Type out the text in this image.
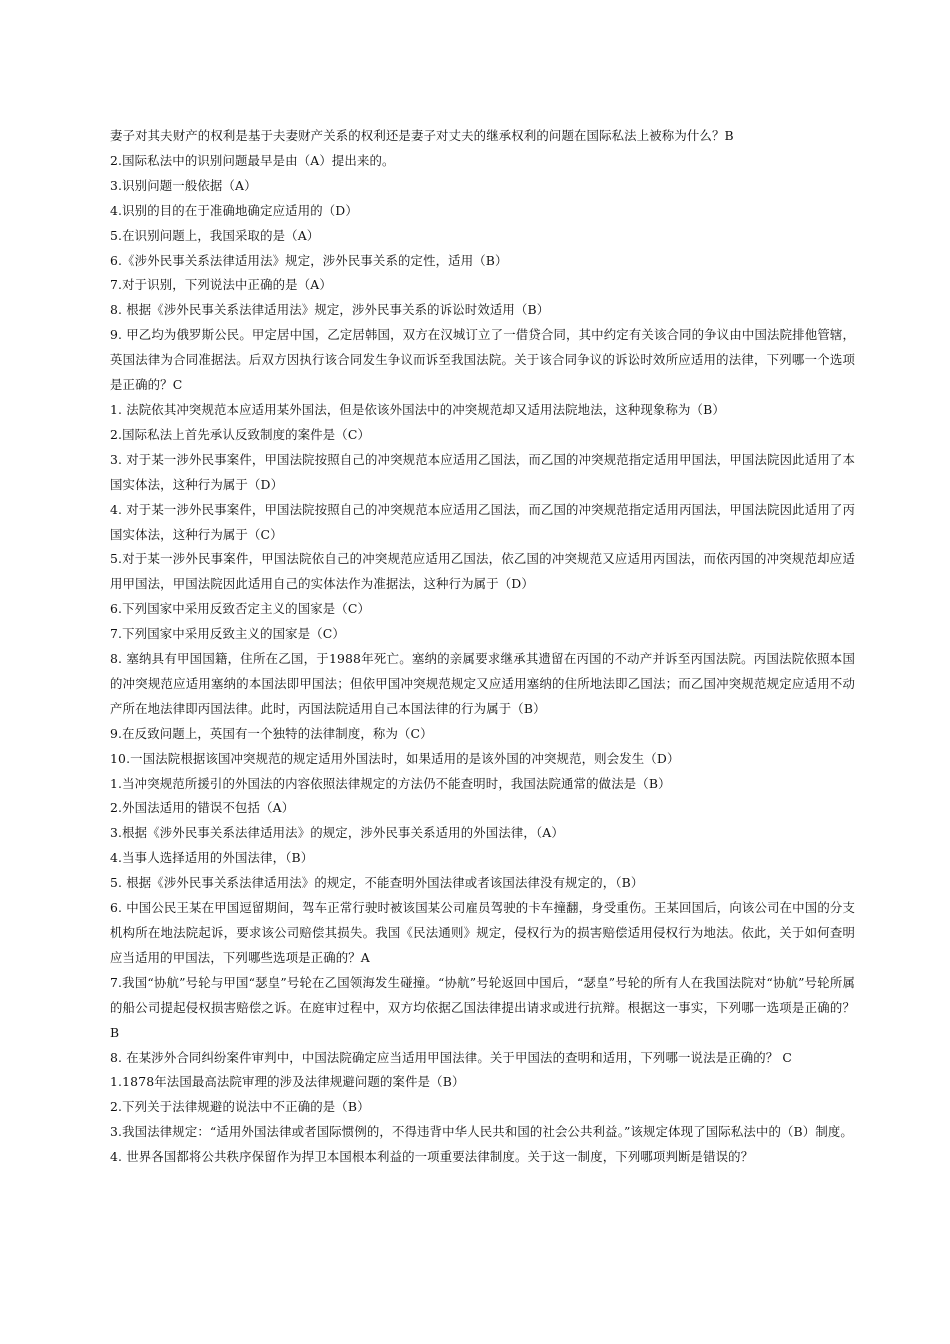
妻子对其夫财产的权利是基于夫妻财产关系的权利还是妻子对丈夫的继承权利的问题在国际私法上被称为什么？B

2.国际私法中的识别问题最早是由（A）提出来的。

3.识别问题一般依据（A）

4.识别的目的在于准确地确定应适用的（D）

5.在识别问题上，我国采取的是（A）

6.《涉外民事关系法律适用法》规定，涉外民事关系的定性，适用（B）

7.对于识别，下列说法中正确的是（A）

8. 根据《涉外民事关系法律适用法》规定，涉外民事关系的诉讼时效适用（B）

9. 甲乙均为俄罗斯公民。甲定居中国，乙定居韩国，双方在汉城订立了一借贷合同，其中约定有关该合同的争议由中国法院排他管辖，英国法律为合同准据法。后双方因执行该合同发生争议而诉至我国法院。关于该合同争议的诉讼时效所应适用的法律，下列哪一个选项是正确的？C

1. 法院依其冲突规范本应适用某外国法，但是依该外国法中的冲突规范却又适用法院地法，这种现象称为（B）

2.国际私法上首先承认反致制度的案件是（C）

3. 对于某一涉外民事案件，甲国法院按照自己的冲突规范本应适用乙国法，而乙国的冲突规范指定适用甲国法，甲国法院因此适用了本国实体法，这种行为属于（D）

4. 对于某一涉外民事案件，甲国法院按照自己的冲突规范本应适用乙国法，而乙国的冲突规范指定适用丙国法，甲国法院因此适用了丙国实体法，这种行为属于（C）

5.对于某一涉外民事案件，甲国法院依自己的冲突规范应适用乙国法，依乙国的冲突规范又应适用丙国法，而依丙国的冲突规范却应适用甲国法，甲国法院因此适用自己的实体法作为准据法，这种行为属于（D）

6.下列国家中采用反致否定主义的国家是（C）

7.下列国家中采用反致主义的国家是（C）

8. 塞纳具有甲国国籍，住所在乙国，于1988年死亡。塞纳的亲属要求继承其遗留在丙国的不动产并诉至丙国法院。丙国法院依照本国的冲突规范应适用塞纳的本国法即甲国法；但依甲国冲突规范规定又应适用塞纳的住所地法即乙国法；而乙国冲突规范规定应适用不动产所在地法律即丙国法律。此时，丙国法院适用自己本国法律的行为属于（B）

9.在反致问题上，英国有一个独特的法律制度，称为（C）

10.一国法院根据该国冲突规范的规定适用外国法时，如果适用的是该外国的冲突规范，则会发生（D）

1.当冲突规范所援引的外国法的内容依照法律规定的方法仍不能查明时，我国法院通常的做法是（B）

2.外国法适用的错误不包括（A）

3.根据《涉外民事关系法律适用法》的规定，涉外民事关系适用的外国法律，（A）

4.当事人选择适用的外国法律，（B）

5. 根据《涉外民事关系法律适用法》的规定，不能查明外国法律或者该国法律没有规定的，（B）

6. 中国公民王某在甲国逗留期间，驾车正常行驶时被该国某公司雇员驾驶的卡车撞翻，身受重伤。王某回国后，向该公司在中国的分支机构所在地法院起诉，要求该公司赔偿其损失。我国《民法通则》规定，侵权行为的损害赔偿适用侵权行为地法。依此，关于如何查明应当适用的甲国法，下列哪些选项是正确的？A

7.我国“协航”号轮与甲国“瑟皇”号轮在乙国领海发生碰撞。“协航”号轮返回中国后，“瑟皇”号轮的所有人在我国法院对“协航”号轮所属的船公司提起侵权损害赔偿之诉。在庭审过程中，双方均依据乙国法律提出请求或进行抗辩。根据这一事实，下列哪一选项是正确的？B

8. 在某涉外合同纠纷案件审判中，中国法院确定应当适用甲国法律。关于甲国法的查明和适用，下列哪一说法是正确的？ C

1.1878年法国最高法院审理的涉及法律规避问题的案件是（B）

2.下列关于法律规避的说法中不正确的是（B）

3.我国法律规定：“适用外国法律或者国际惯例的，不得违背中华人民共和国的社会公共利益。”该规定体现了国际私法中的（B）制度。

4. 世界各国都将公共秩序保留作为捍卫本国根本利益的一项重要法律制度。关于这一制度，下列哪项判断是错误的？
